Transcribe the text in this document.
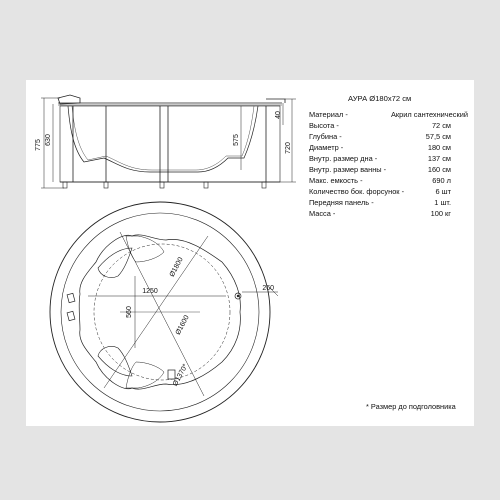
775 630	575
40
720
Ø1800
Ø1600
Ø1370*
1250
560
260
АУРА Ø180х72 см
Материал -	Акрил сантехнический
Высота -	72 см
Глубина -	57,5 см
Диаметр -	180 см
Внутр. размер дна -	137 см
Внутр. размер ванны -	160 см
Макс. емкость -	690 л
Количество бок. форсунок -	6 шт
Передняя панель -	1 шт.
Масса -	100 кг
* Размер до подголовника
